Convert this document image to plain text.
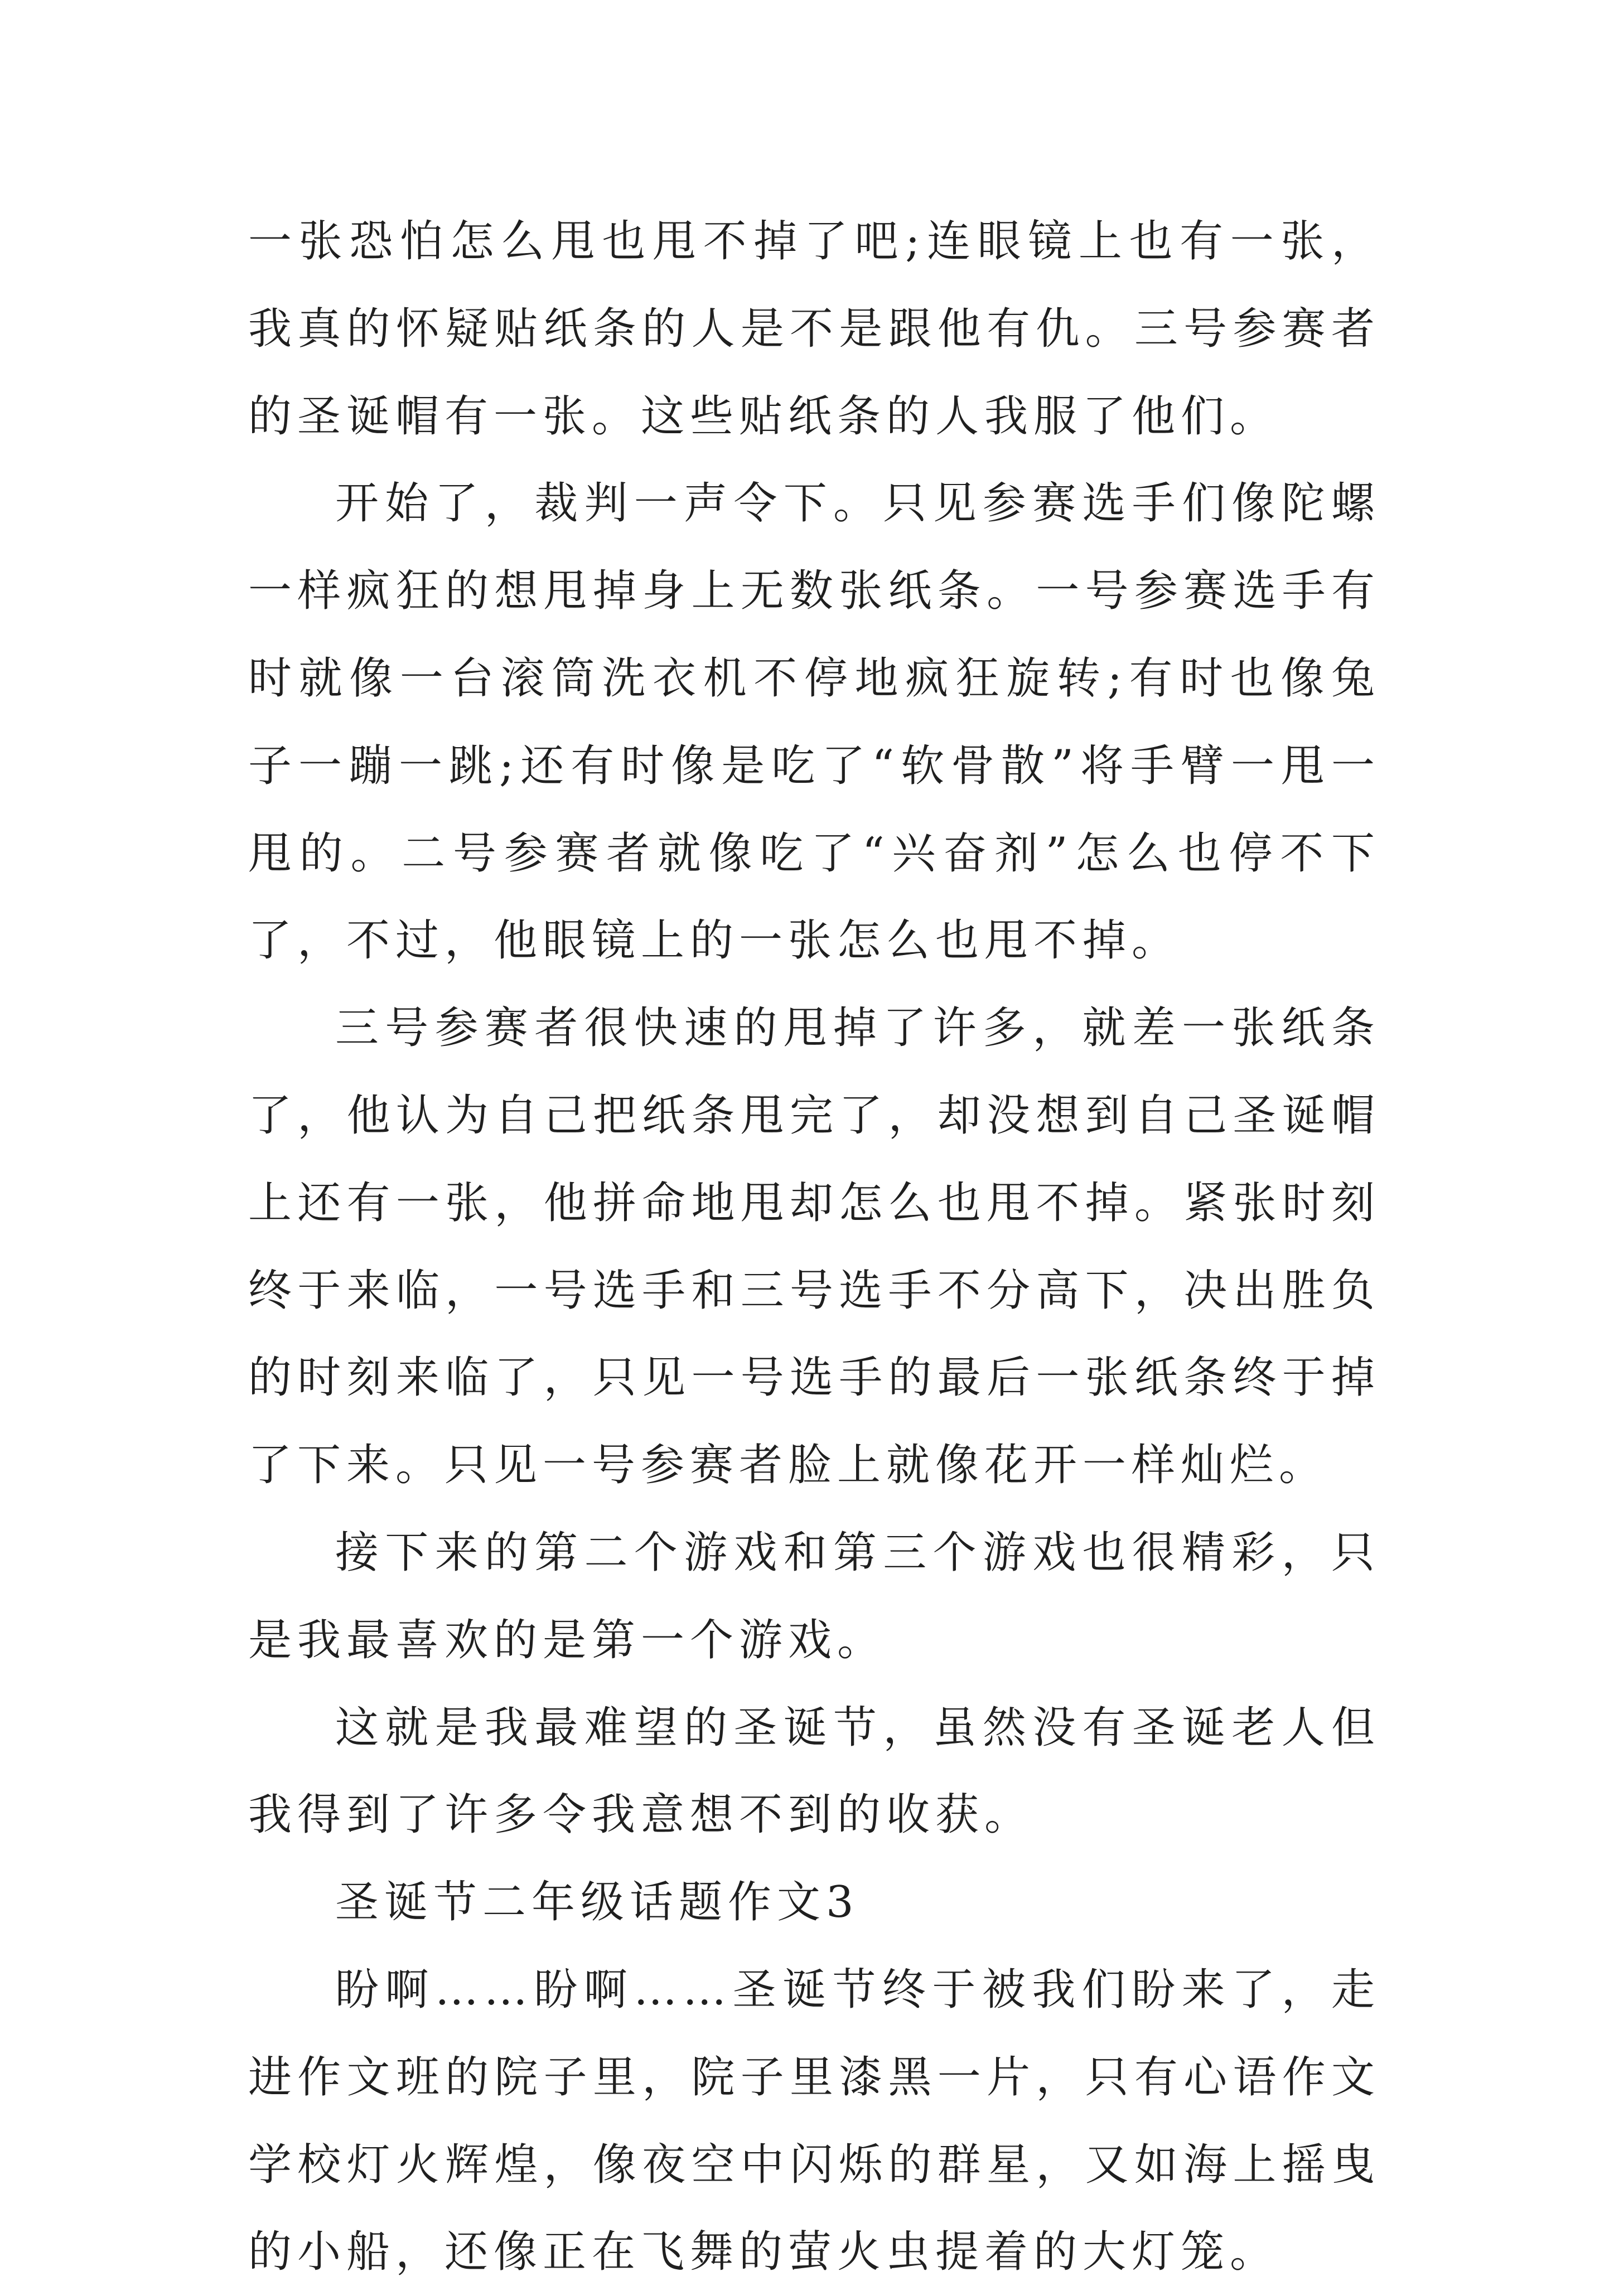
一张恐怕怎么甩也甩不掉了吧;连眼镜上也有一张，我真的怀疑贴纸条的人是不是跟他有仇。三号参赛者的圣诞帽有一张。这些贴纸条的人我服了他们。

开始了，裁判一声令下。只见参赛选手们像陀螺一样疯狂的想甩掉身上无数张纸条。一号参赛选手有时就像一台滚筒洗衣机不停地疯狂旋转;有时也像兔子一蹦一跳;还有时像是吃了“软骨散”将手臂一甩一甩的。二号参赛者就像吃了“兴奋剂”怎么也停不下了，不过，他眼镜上的一张怎么也甩不掉。

三号参赛者很快速的甩掉了许多，就差一张纸条了，他认为自己把纸条甩完了，却没想到自己圣诞帽上还有一张，他拼命地甩却怎么也甩不掉。紧张时刻终于来临，一号选手和三号选手不分高下，决出胜负的时刻来临了，只见一号选手的最后一张纸条终于掉了下来。只见一号参赛者脸上就像花开一样灿烂。

接下来的第二个游戏和第三个游戏也很精彩，只是我最喜欢的是第一个游戏。

这就是我最难望的圣诞节，虽然没有圣诞老人但我得到了许多令我意想不到的收获。

圣诞节二年级话题作文3

盼啊……盼啊……圣诞节终于被我们盼来了，走进作文班的院子里，院子里漆黑一片，只有心语作文学校灯火辉煌，像夜空中闪烁的群星，又如海上摇曳的小船，还像正在飞舞的萤火虫提着的大灯笼。
